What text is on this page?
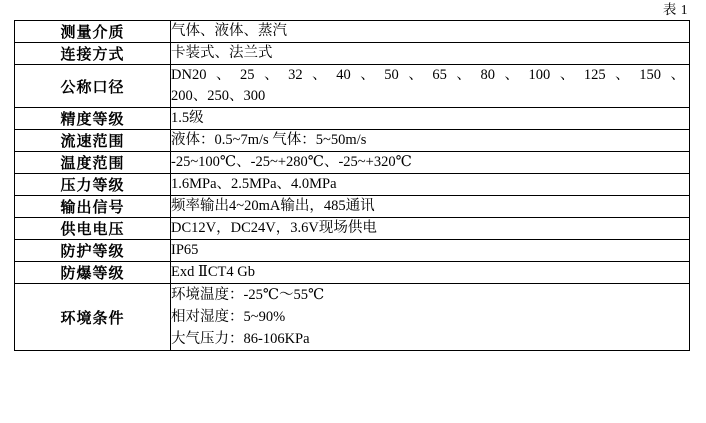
表 1
测量介质	气体、液体、蒸汽

连接方式	卡装式、法兰式

公称口径	DN20、25、32、40、50、65、80、100、125、150、
200、250、300

精度等级	1.5级

流速范围	液体：0.5~7m/s 气体：5~50m/s

温度范围	-25~100℃、-25~+280℃、-25~+320℃

压力等级	1.6MPa、2.5MPa、4.0MPa

输出信号	频率输出4~20mA输出，485通讯

供电电压	DC12V，DC24V，3.6V现场供电

防护等级	IP65

防爆等级	Exd ⅡCT4 Gb

环境条件	环境温度：-25℃～55℃
相对湿度：5~90%
大气压力：86-106KPa
